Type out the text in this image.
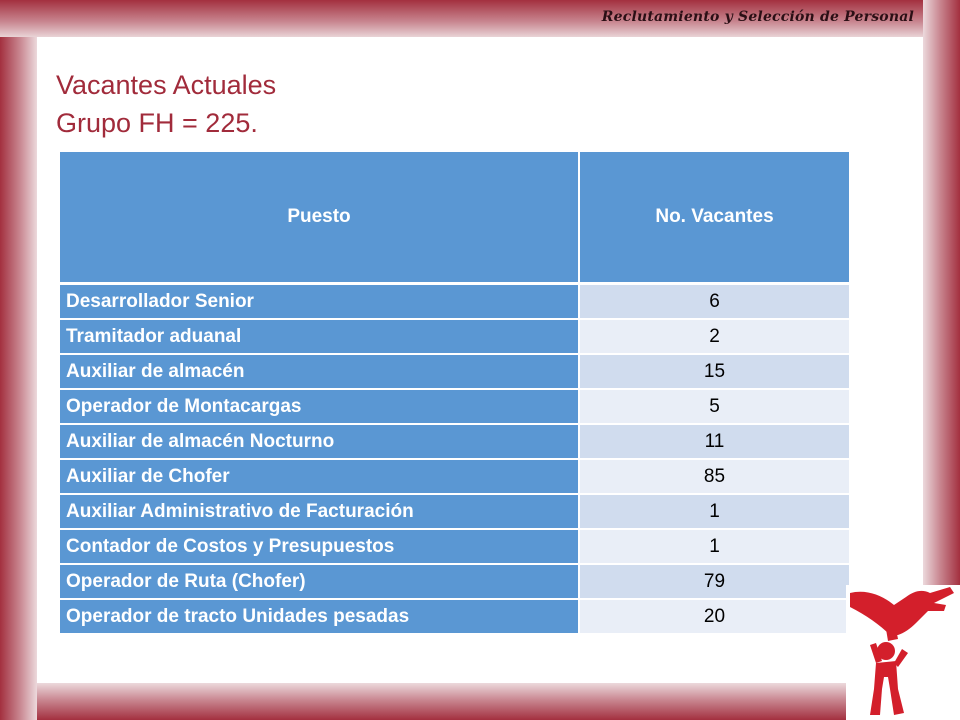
Reclutamiento y Selección de Personal
Vacantes Actuales
Grupo FH = 225.
Puesto	No. Vacantes
Desarrollador Senior	6
Tramitador aduanal	2
Auxiliar de almacén	15
Operador de Montacargas	5
Auxiliar de almacén Nocturno	11
Auxiliar de Chofer	85
Auxiliar Administrativo de Facturación	1
Contador de Costos y Presupuestos	1
Operador de Ruta (Chofer)	79
Operador de tracto Unidades pesadas	20
